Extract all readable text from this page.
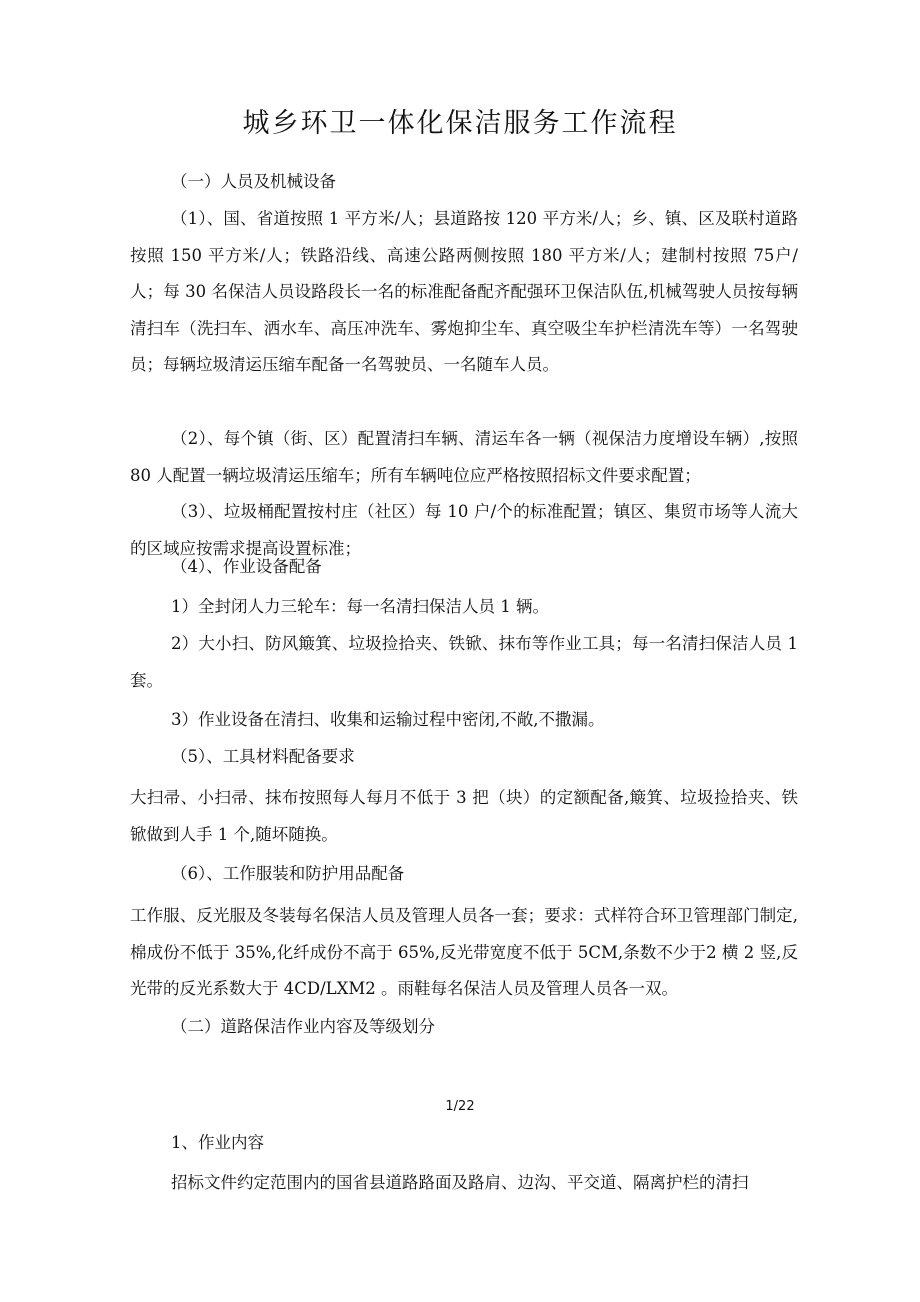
城乡环卫一体化保洁服务工作流程

（一）人员及机械设备

（1）、国、省道按照 1 平方米/人；县道路按 120 平方米/人；乡、镇、区及联村道路按照 150 平方米/人；铁路沿线、高速公路两侧按照 180 平方米/人；建制村按照 75户/人；每 30 名保洁人员设路段长一名的标准配备配齐配强环卫保洁队伍,机械驾驶人员按每辆清扫车（洗扫车、洒水车、高压冲洗车、雾炮抑尘车、真空吸尘车护栏清洗车等）一名驾驶员；每辆垃圾清运压缩车配备一名驾驶员、一名随车人员。

（2）、每个镇（街、区）配置清扫车辆、清运车各一辆（视保洁力度增设车辆）,按照 80 人配置一辆垃圾清运压缩车；所有车辆吨位应严格按照招标文件要求配置；

（3）、垃圾桶配置按村庄（社区）每 10 户/个的标准配置；镇区、集贸市场等人流大的区域应按需求提高设置标准；

（4）、作业设备配备

1）全封闭人力三轮车：每一名清扫保洁人员 1 辆。

2）大小扫、防风簸箕、垃圾捡拾夹、铁锨、抹布等作业工具；每一名清扫保洁人员 1 套。

3）作业设备在清扫、收集和运输过程中密闭,不敞,不撒漏。

（5）、工具材料配备要求

大扫帚、小扫帚、抹布按照每人每月不低于 3 把（块）的定额配备,簸箕、垃圾捡拾夹、铁锨做到人手 1 个,随坏随换。

（6）、工作服装和防护用品配备

工作服、反光服及冬装每名保洁人员及管理人员各一套；要求：式样符合环卫管理部门制定,棉成份不低于 35%,化纤成份不高于 65%,反光带宽度不低于 5CM,条数不少于2 横 2 竖,反光带的反光系数大于 4CD/LXM2 。雨鞋每名保洁人员及管理人员各一双。

（二）道路保洁作业内容及等级划分

1/22

1、作业内容

招标文件约定范围内的国省县道路路面及路肩、边沟、平交道、隔离护栏的清扫
